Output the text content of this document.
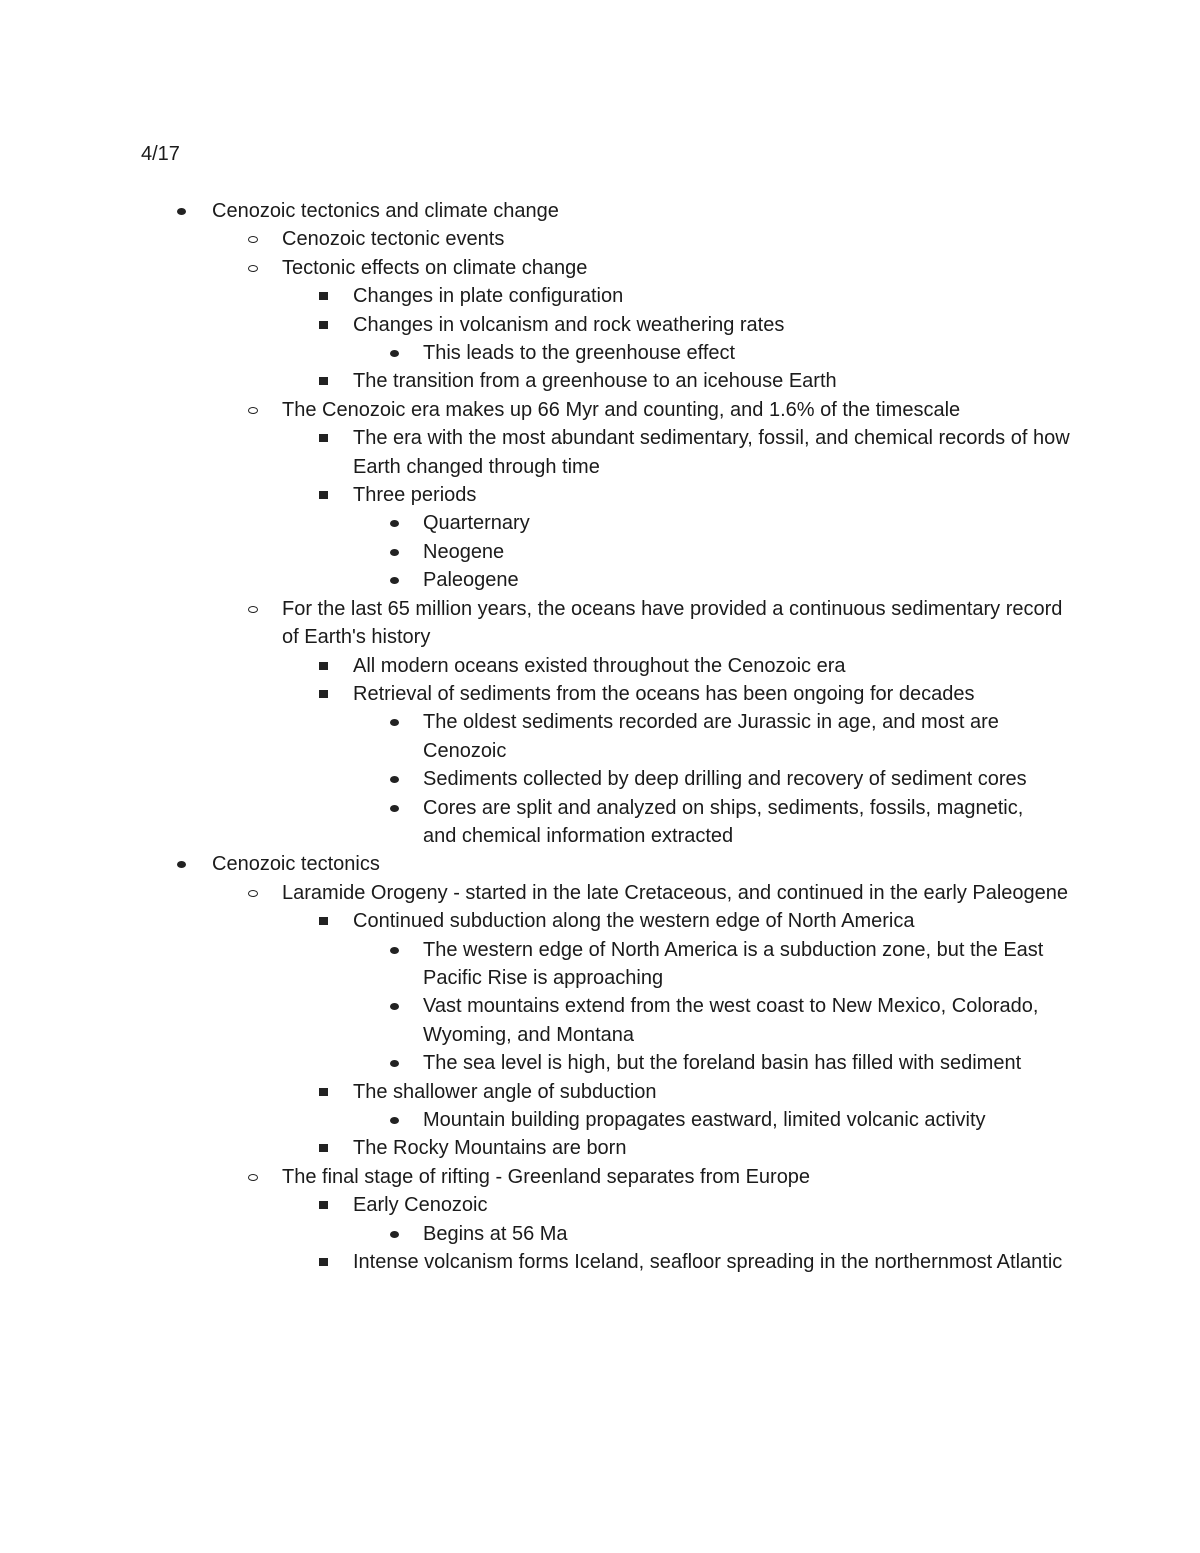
4/17
Cenozoic tectonics and climate change
Cenozoic tectonic events
Tectonic effects on climate change
Changes in plate configuration
Changes in volcanism and rock weathering rates
This leads to the greenhouse effect
The transition from a greenhouse to an icehouse Earth
The Cenozoic era makes up 66 Myr and counting, and 1.6% of the timescale
The era with the most abundant sedimentary, fossil, and chemical records of how Earth changed through time
Three periods
Quarternary
Neogene
Paleogene
For the last 65 million years, the oceans have provided a continuous sedimentary record of Earth's history
All modern oceans existed throughout the Cenozoic era
Retrieval of sediments from the oceans has been ongoing for decades
The oldest sediments recorded are Jurassic in age, and most are Cenozoic
Sediments collected by deep drilling and recovery of sediment cores
Cores are split and analyzed on ships, sediments, fossils, magnetic, and chemical information extracted
Cenozoic tectonics
Laramide Orogeny - started in the late Cretaceous, and continued in the early Paleogene
Continued subduction along the western edge of North America
The western edge of North America is a subduction zone, but the East Pacific Rise is approaching
Vast mountains extend from the west coast to New Mexico, Colorado, Wyoming, and Montana
The sea level is high, but the foreland basin has filled with sediment
The shallower angle of subduction
Mountain building propagates eastward, limited volcanic activity
The Rocky Mountains are born
The final stage of rifting - Greenland separates from Europe
Early Cenozoic
Begins at 56 Ma
Intense volcanism forms Iceland, seafloor spreading in the northernmost Atlantic
